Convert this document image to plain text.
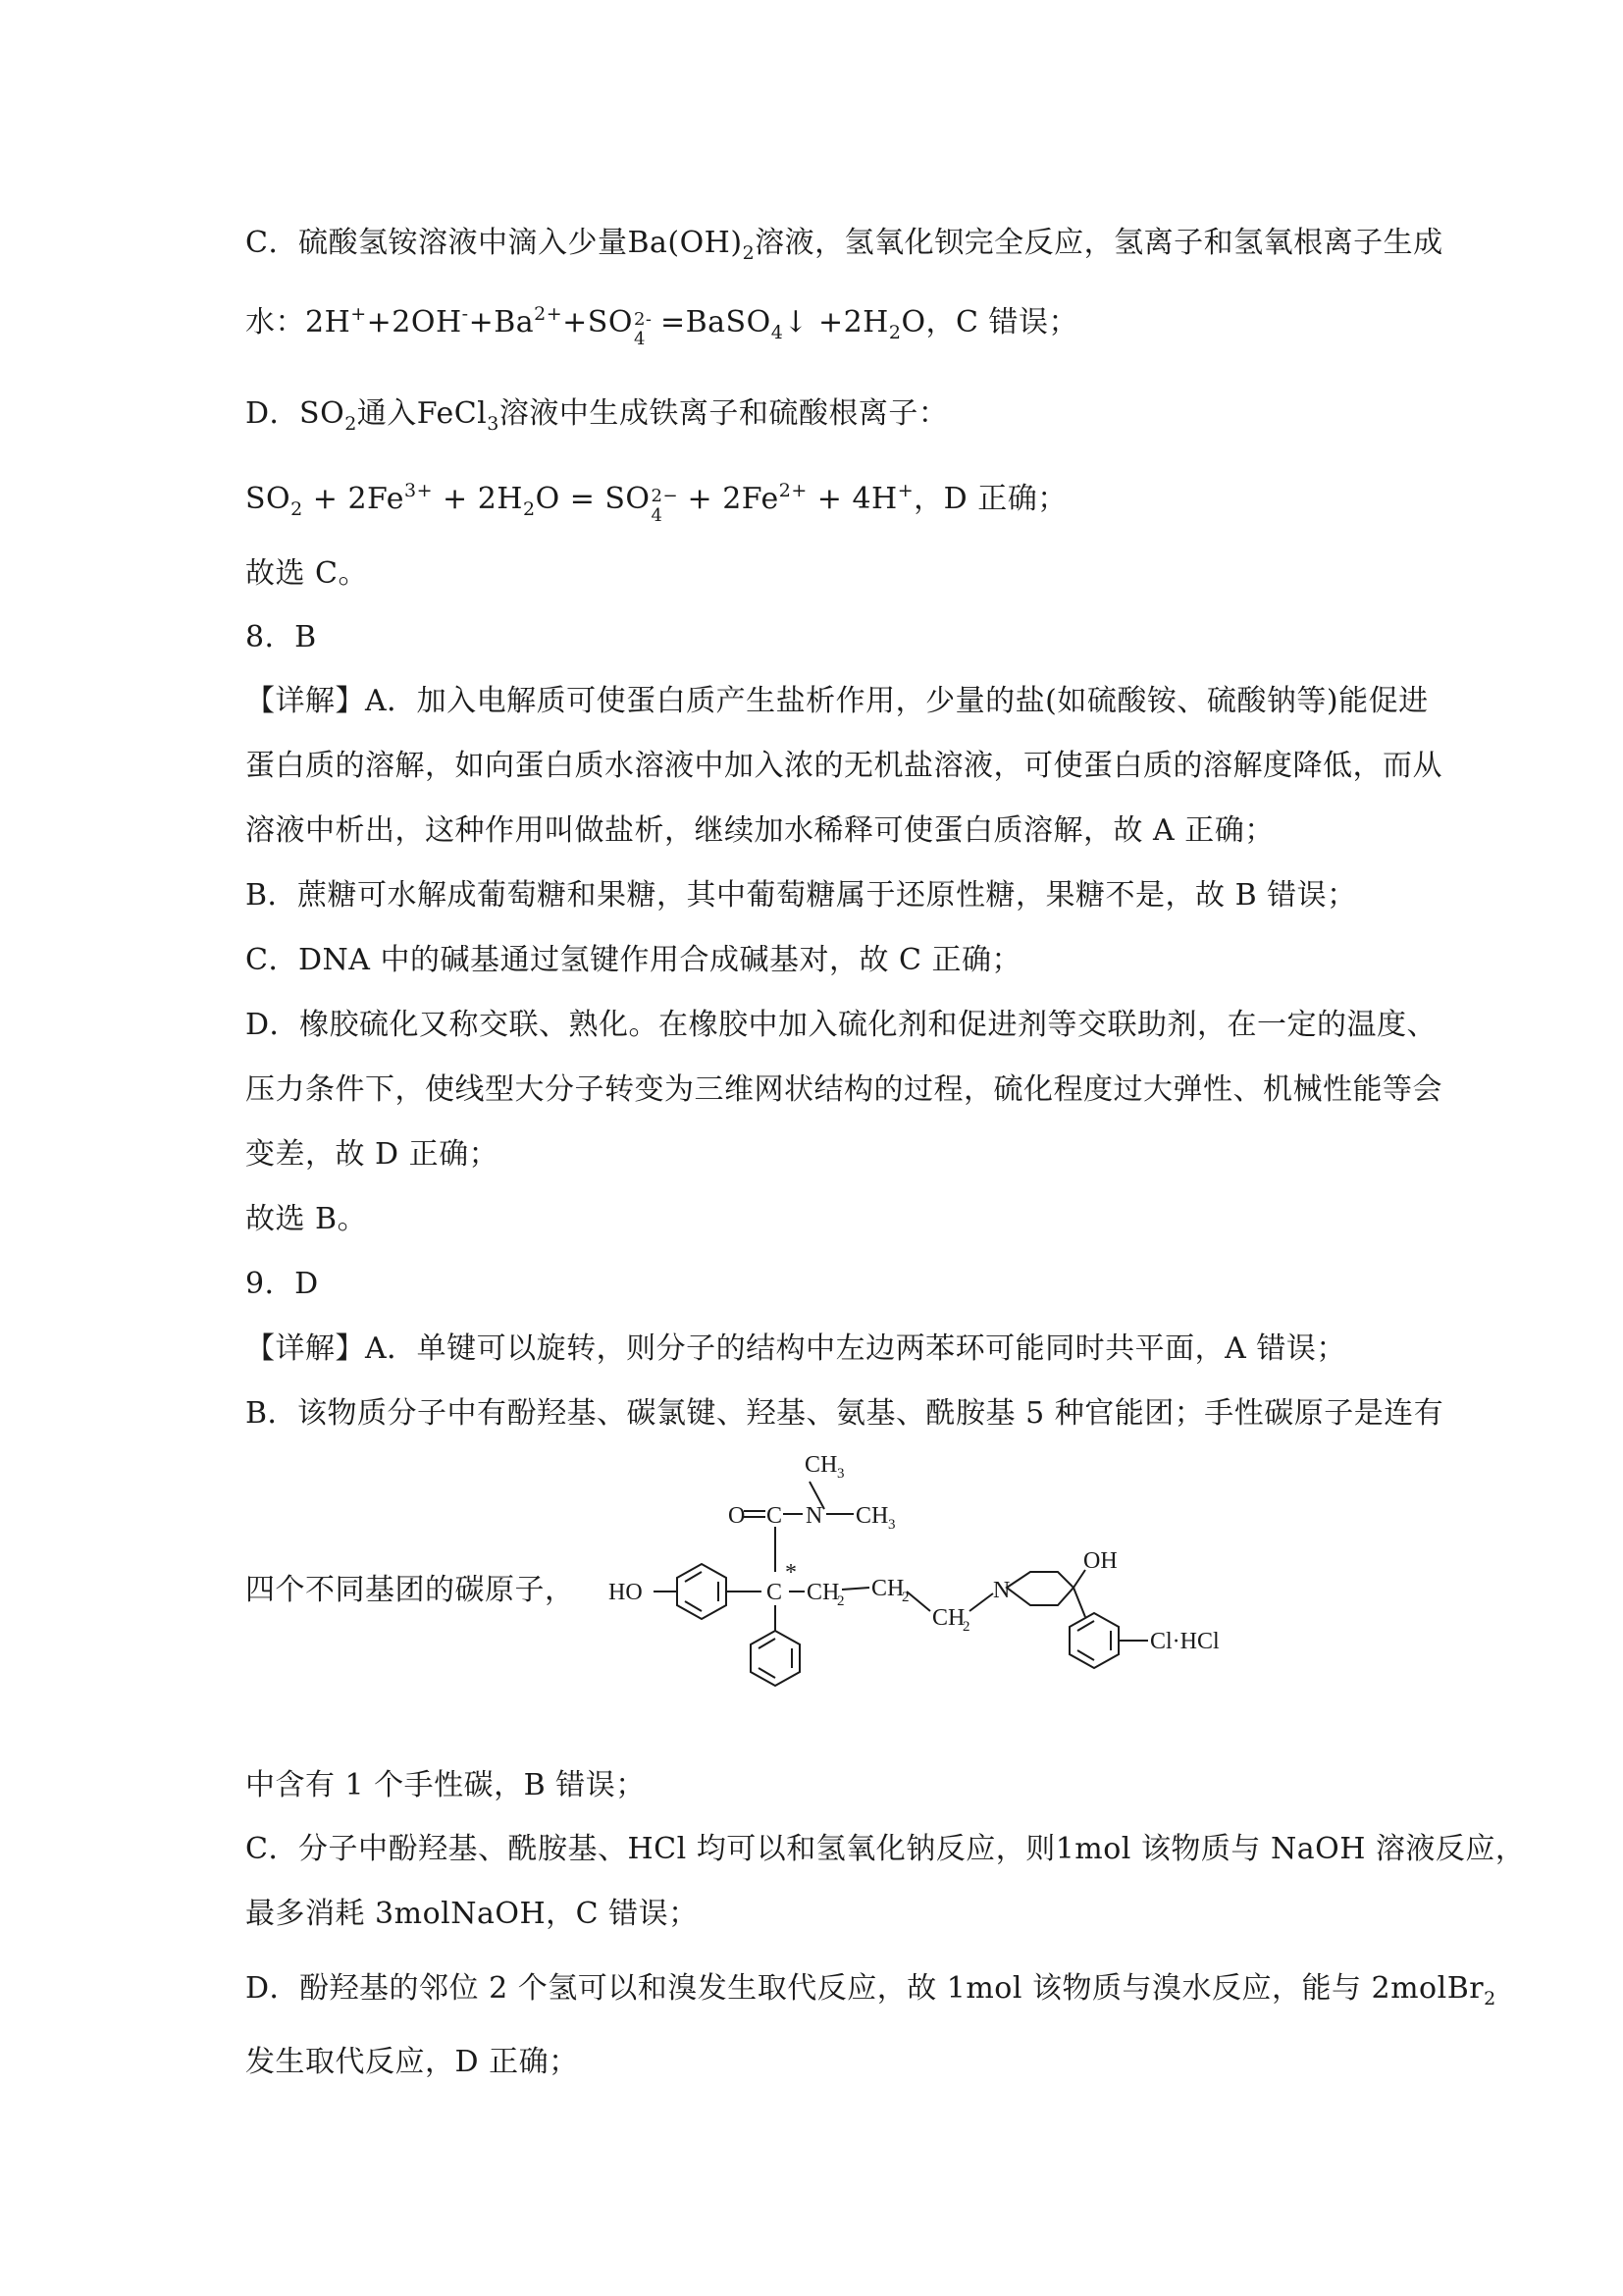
C．硫酸氢铵溶液中滴入少量$Ba(OH)_2$溶液，氢氧化钡完全反应，氢离子和氢氧根离子生成
水：$2H^++2OH^-+Ba^{2+}+SO$ 2-
4 =BaSO$_4$↓ $+2H_2O$，C 错误；
D．$SO_2$通入FeCl$_3$溶液中生成铁离子和硫酸根离子：
$SO_2 + 2Fe^{3+} + 2H_2O$ = SO 2−
$4 + 2Fe^{2+} + 4H^+$，D 正确；
故选 C。
8．B
【详解】A．加入电解质可使蛋白质产生盐析作用，少量的盐(如硫酸铵、硫酸钠等)能促进
蛋白质的溶解，如向蛋白质水溶液中加入浓的无机盐溶液，可使蛋白质的溶解度降低，而从
溶液中析出，这种作用叫做盐析，继续加水稀释可使蛋白质溶解，故 A 正确；
B．蔗糖可水解成葡萄糖和果糖，其中葡萄糖属于还原性糖，果糖不是，故 B 错误；
C．DNA 中的碱基通过氢键作用合成碱基对，故 C 正确；
D．橡胶硫化又称交联、熟化。在橡胶中加入硫化剂和促进剂等交联助剂，在一定的温度、
压力条件下，使线型大分子转变为三维网状结构的过程，硫化程度过大弹性、机械性能等会
变差，故 D 正确；
故选 B。
9．D
【详解】A．单键可以旋转，则分子的结构中左边两苯环可能同时共平面，A 错误；
B．该物质分子中有酚羟基、碳氯键、羟基、氨基、酰胺基 5 种官能团；手性碳原子是连有
四个不同基团的碳原子，
CH 3
O C N CH 3
HO	C
*
CH
2 CH
2
CH
2
N
OH
Cl·HCl
中含有 1 个手性碳，B 错误；
C．分子中酚羟基、酰胺基、HCl 均可以和氢氧化钠反应，则1mol 该物质与 NaOH 溶液反应，
最多消耗 3molNaOH，C 错误；
D．酚羟基的邻位 2 个氢可以和溴发生取代反应，故 1mol 该物质与溴水反应，能与 2molBr$_2$
发生取代反应，D 正确；
